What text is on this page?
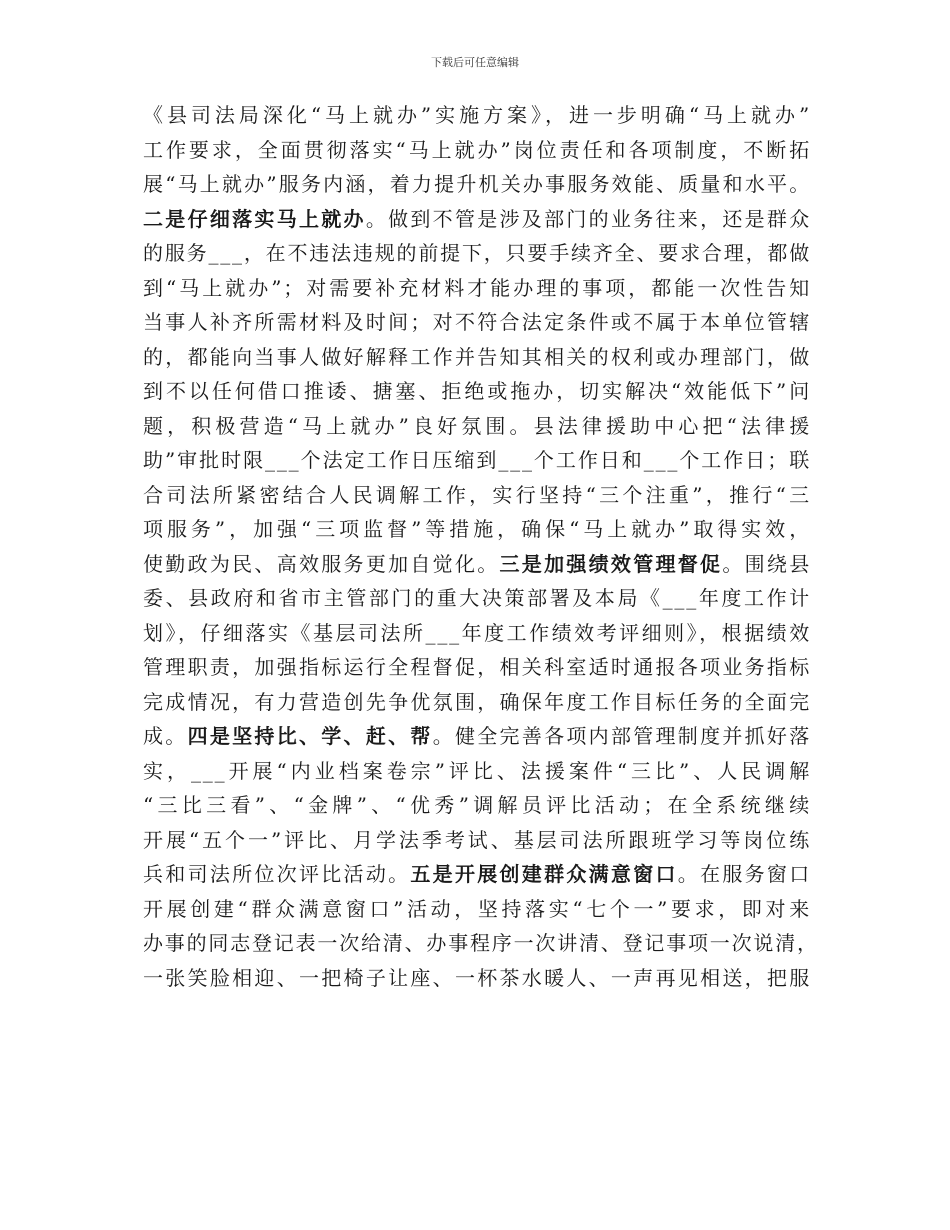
下载后可任意编辑
《县司法局深化“马上就办”实施方案》，进一步明确“马上就办”
工作要求，全面贯彻落实“马上就办”岗位责任和各项制度，不断拓
展“马上就办”服务内涵，着力提升机关办事服务效能、质量和水平。
二是仔细落实马上就办。做到不管是涉及部门的业务往来，还是群众
的服务___，在不违法违规的前提下，只要手续齐全、要求合理，都做
到“马上就办”；对需要补充材料才能办理的事项，都能一次性告知
当事人补齐所需材料及时间；对不符合法定条件或不属于本单位管辖
的，都能向当事人做好解释工作并告知其相关的权利或办理部门，做
到不以任何借口推诿、搪塞、拒绝或拖办，切实解决“效能低下”问
题，积极营造“马上就办”良好氛围。县法律援助中心把“法律援
助”审批时限___个法定工作日压缩到___个工作日和___个工作日；联
合司法所紧密结合人民调解工作，实行坚持“三个注重”，推行“三
项服务”，加强“三项监督”等措施，确保“马上就办”取得实效，
使勤政为民、高效服务更加自觉化。三是加强绩效管理督促。围绕县
委、县政府和省市主管部门的重大决策部署及本局《___年度工作计
划》，仔细落实《基层司法所___年度工作绩效考评细则》，根据绩效
管理职责，加强指标运行全程督促，相关科室适时通报各项业务指标
完成情况，有力营造创先争优氛围，确保年度工作目标任务的全面完
成。四是坚持比、学、赶、帮。健全完善各项内部管理制度并抓好落
实，___开展“内业档案卷宗”评比、法援案件“三比”、人民调解
“三比三看”、“金牌”、“优秀”调解员评比活动；在全系统继续
开展“五个一”评比、月学法季考试、基层司法所跟班学习等岗位练
兵和司法所位次评比活动。五是开展创建群众满意窗口。在服务窗口
开展创建“群众满意窗口”活动，坚持落实“七个一”要求，即对来
办事的同志登记表一次给清、办事程序一次讲清、登记事项一次说清，
一张笑脸相迎、一把椅子让座、一杯茶水暖人、一声再见相送，把服
